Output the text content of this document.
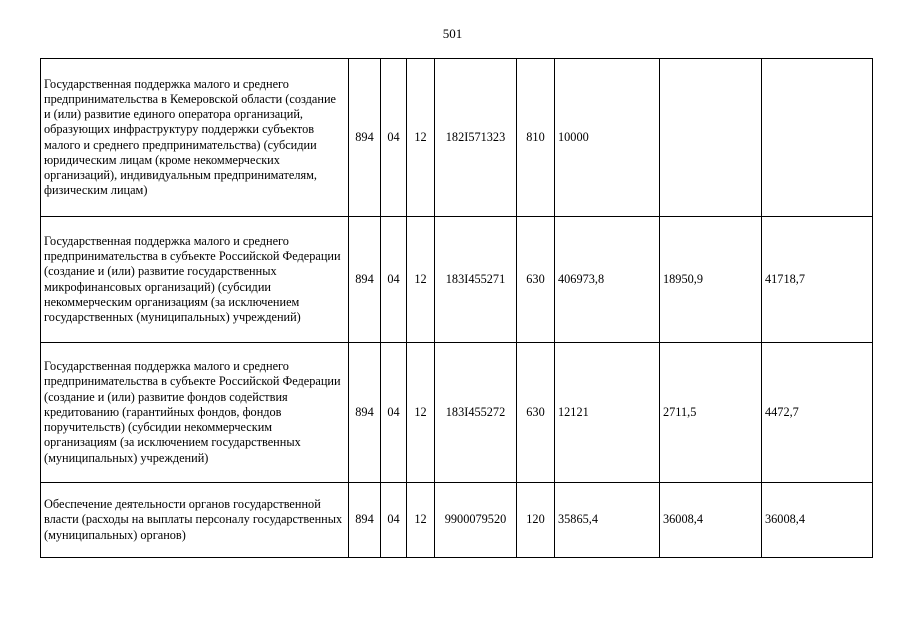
501
Государственная поддержка малого и среднего предпринимательства в Кемеровской области (создание и (или) развитие единого оператора организаций, образующих инфраструктуру поддержки субъектов малого и среднего предпринимательства) (субсидии юридическим лицам (кроме некоммерческих организаций), индивидуальным предпринимателям, физическим лицам)	894	04	12	182I571323	810	10000		
Государственная поддержка малого и среднего предпринимательства в субъекте Российской Федерации (создание и (или) развитие государственных микрофинансовых организаций) (субсидии некоммерческим организациям (за исключением государственных (муниципальных) учреждений)	894	04	12	183I455271	630	406973,8	18950,9	41718,7
Государственная поддержка малого и среднего предпринимательства в субъекте Российской Федерации (создание и (или) развитие фондов содействия кредитованию (гарантийных фондов, фондов поручительств) (субсидии некоммерческим организациям (за исключением государственных (муниципальных) учреждений)	894	04	12	183I455272	630	12121	2711,5	4472,7
Обеспечение деятельности органов государственной власти (расходы на выплаты персоналу государственных (муниципальных) органов)	894	04	12	9900079520	120	35865,4	36008,4	36008,4
